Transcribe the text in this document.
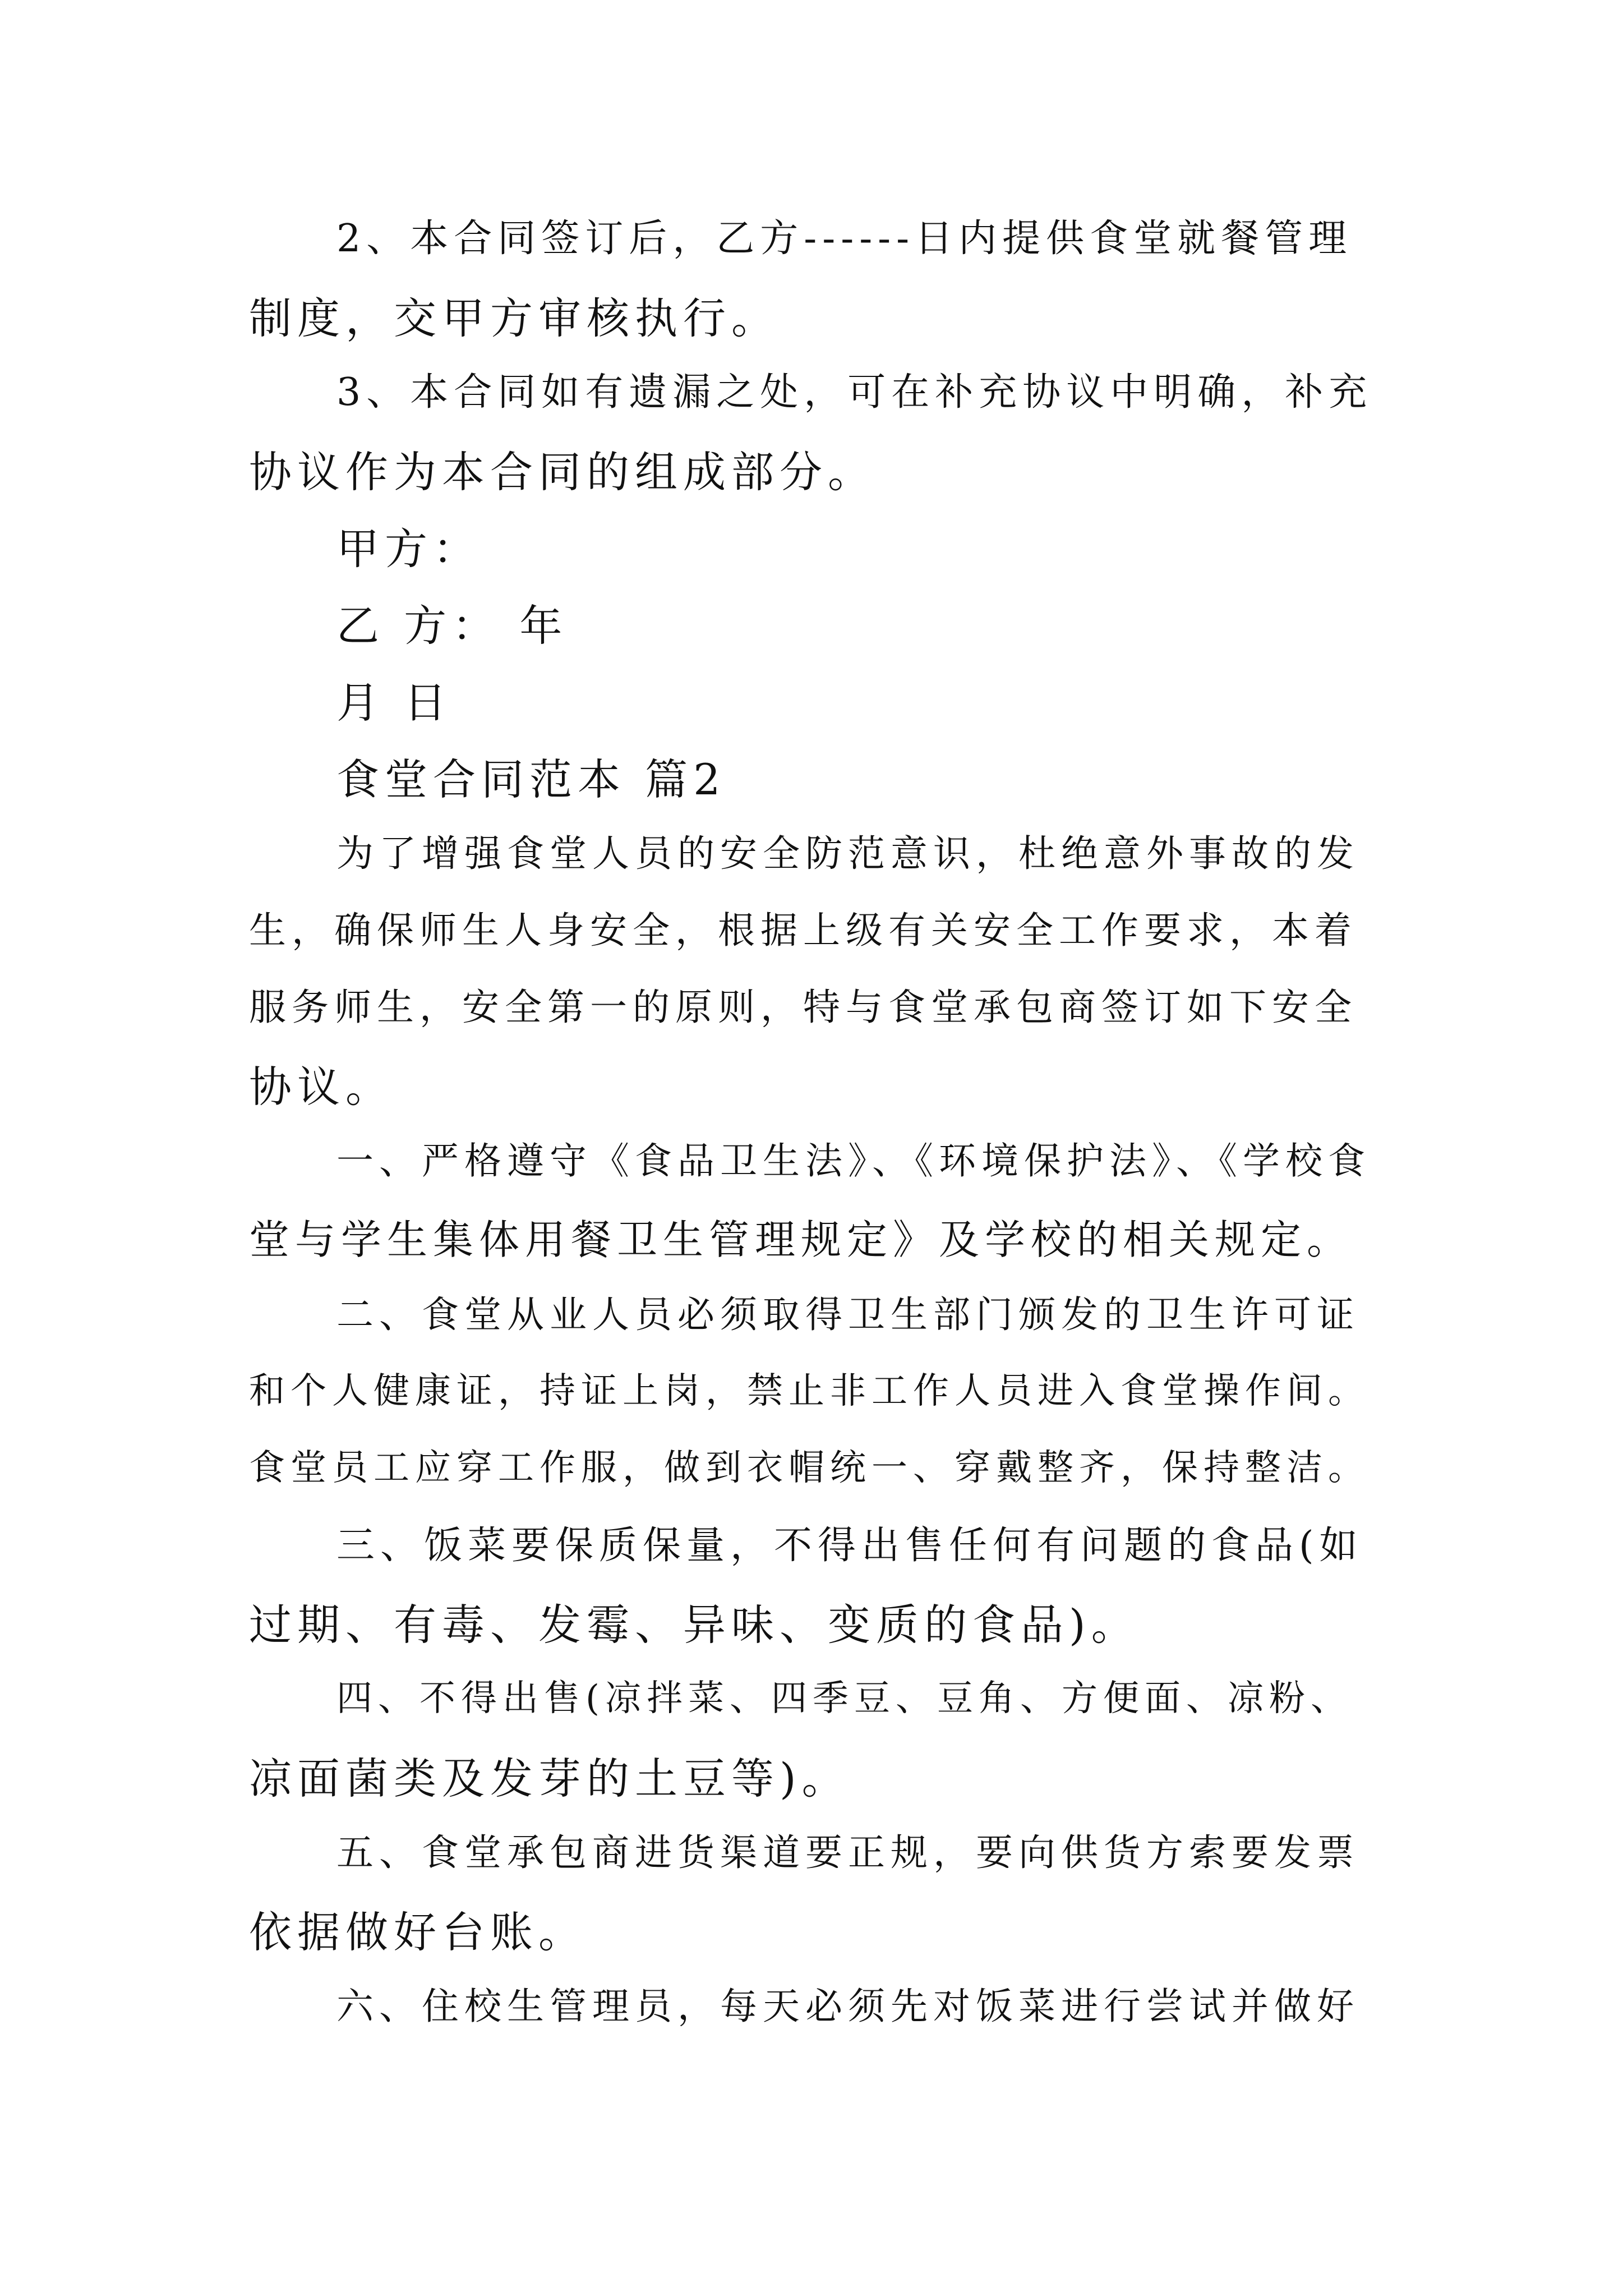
2、本合同签订后，乙方------日内提供食堂就餐管理
制度，交甲方审核执行。
3、本合同如有遗漏之处，可在补充协议中明确，补充
协议作为本合同的组成部分。
甲方：
乙 方： 年
月 日
食堂合同范本 篇2
为了增强食堂人员的安全防范意识，杜绝意外事故的发
生，确保师生人身安全，根据上级有关安全工作要求，本着
服务师生，安全第一的原则，特与食堂承包商签订如下安全
协议。
一、严格遵守《食品卫生法》、《环境保护法》、《学校食
堂与学生集体用餐卫生管理规定》及学校的相关规定。
二、食堂从业人员必须取得卫生部门颁发的卫生许可证
和个人健康证，持证上岗，禁止非工作人员进入食堂操作间。
食堂员工应穿工作服，做到衣帽统一、穿戴整齐，保持整洁。
三、饭菜要保质保量，不得出售任何有问题的食品(如
过期、有毒、发霉、异味、变质的食品)。
四、不得出售(凉拌菜、四季豆、豆角、方便面、凉粉、
凉面菌类及发芽的土豆等)。
五、食堂承包商进货渠道要正规，要向供货方索要发票
依据做好台账。
六、住校生管理员，每天必须先对饭菜进行尝试并做好
